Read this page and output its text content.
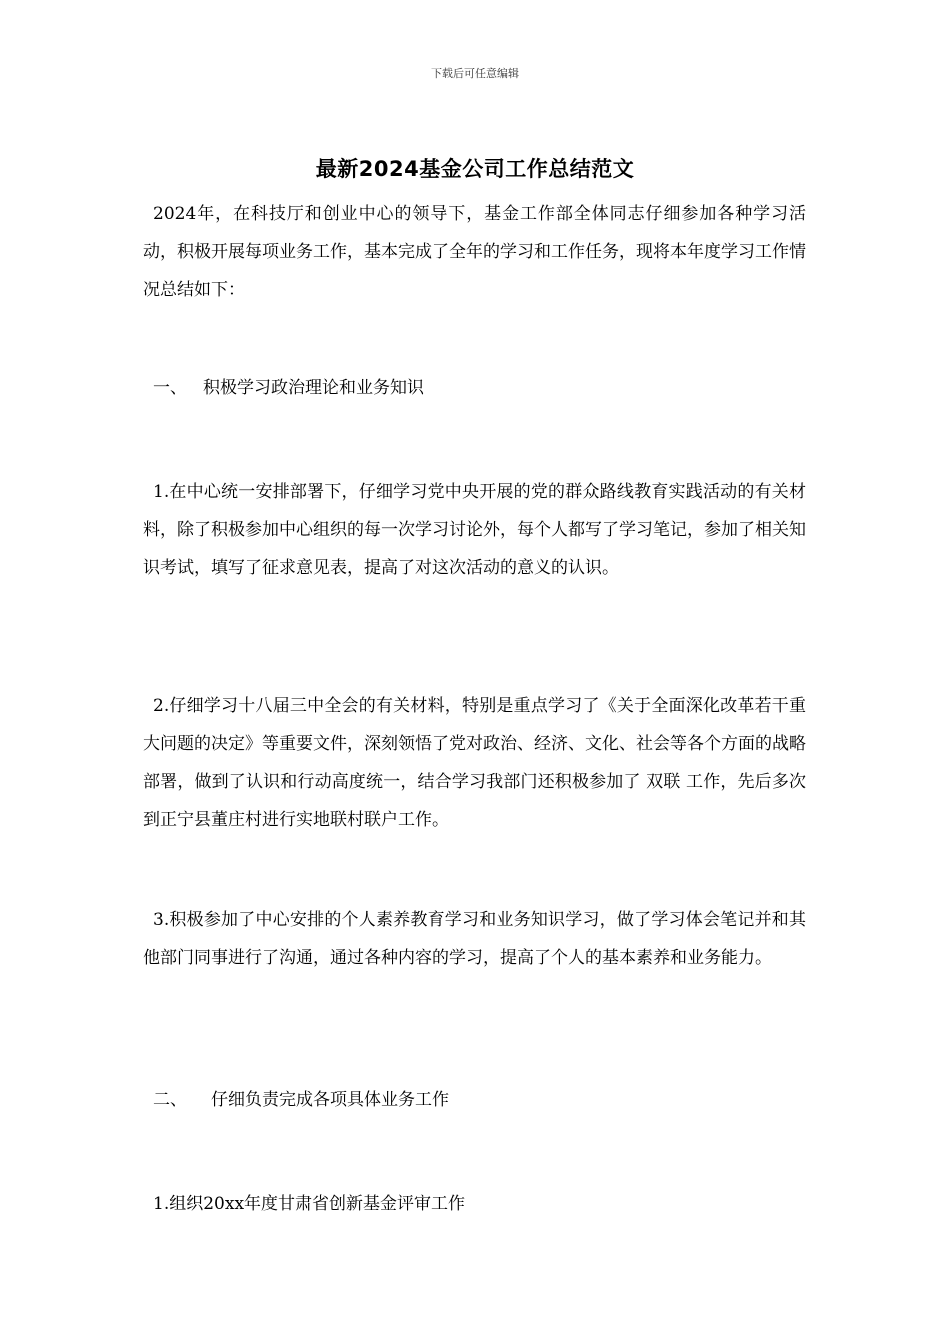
下载后可任意编辑
最新2024基金公司工作总结范文

2024年，在科技厅和创业中心的领导下，基金工作部全体同志仔细参加各种学习活动，积极开展每项业务工作，基本完成了全年的学习和工作任务，现将本年度学习工作情况总结如下：

一、 积极学习政治理论和业务知识

1.在中心统一安排部署下，仔细学习党中央开展的党的群众路线教育实践活动的有关材料，除了积极参加中心组织的每一次学习讨论外，每个人都写了学习笔记，参加了相关知识考试，填写了征求意见表，提高了对这次活动的意义的认识。

2.仔细学习十八届三中全会的有关材料，特别是重点学习了《关于全面深化改革若干重大问题的决定》等重要文件，深刻领悟了党对政治、经济、文化、社会等各个方面的战略部署，做到了认识和行动高度统一，结合学习我部门还积极参加了 双联 工作，先后多次到正宁县董庄村进行实地联村联户工作。

3.积极参加了中心安排的个人素养教育学习和业务知识学习，做了学习体会笔记并和其他部门同事进行了沟通，通过各种内容的学习，提高了个人的基本素养和业务能力。

二、 仔细负责完成各项具体业务工作

1.组织20xx年度甘肃省创新基金评审工作
